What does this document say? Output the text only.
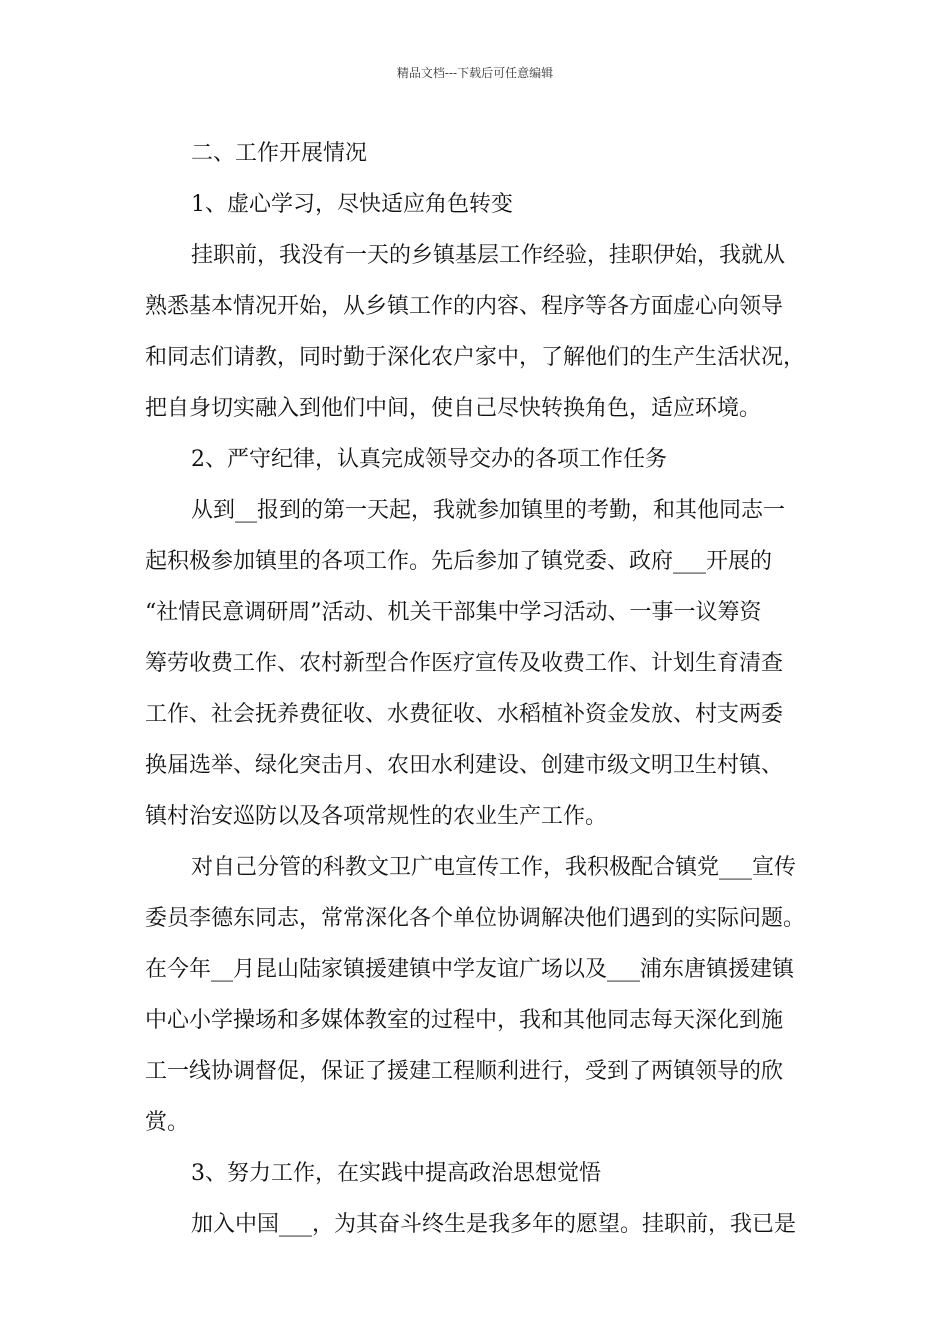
精品文档---下载后可任意编辑
二、工作开展情况
1、虚心学习，尽快适应角色转变
挂职前，我没有一天的乡镇基层工作经验，挂职伊始，我就从
熟悉基本情况开始，从乡镇工作的内容、程序等各方面虚心向领导
和同志们请教，同时勤于深化农户家中，了解他们的生产生活状况，
把自身切实融入到他们中间，使自己尽快转换角色，适应环境。
2、严守纪律，认真完成领导交办的各项工作任务
从到__报到的第一天起，我就参加镇里的考勤，和其他同志一
起积极参加镇里的各项工作。先后参加了镇党委、政府___开展的
“社情民意调研周”活动、机关干部集中学习活动、一事一议筹资
筹劳收费工作、农村新型合作医疗宣传及收费工作、计划生育清查
工作、社会抚养费征收、水费征收、水稻植补资金发放、村支两委
换届选举、绿化突击月、农田水利建设、创建市级文明卫生村镇、
镇村治安巡防以及各项常规性的农业生产工作。
对自己分管的科教文卫广电宣传工作，我积极配合镇党___宣传
委员李德东同志，常常深化各个单位协调解决他们遇到的实际问题。
在今年__月昆山陆家镇援建镇中学友谊广场以及___浦东唐镇援建镇
中心小学操场和多媒体教室的过程中，我和其他同志每天深化到施
工一线协调督促，保证了援建工程顺利进行，受到了两镇领导的欣
赏。
3、努力工作，在实践中提高政治思想觉悟
加入中国___，为其奋斗终生是我多年的愿望。挂职前，我已是
